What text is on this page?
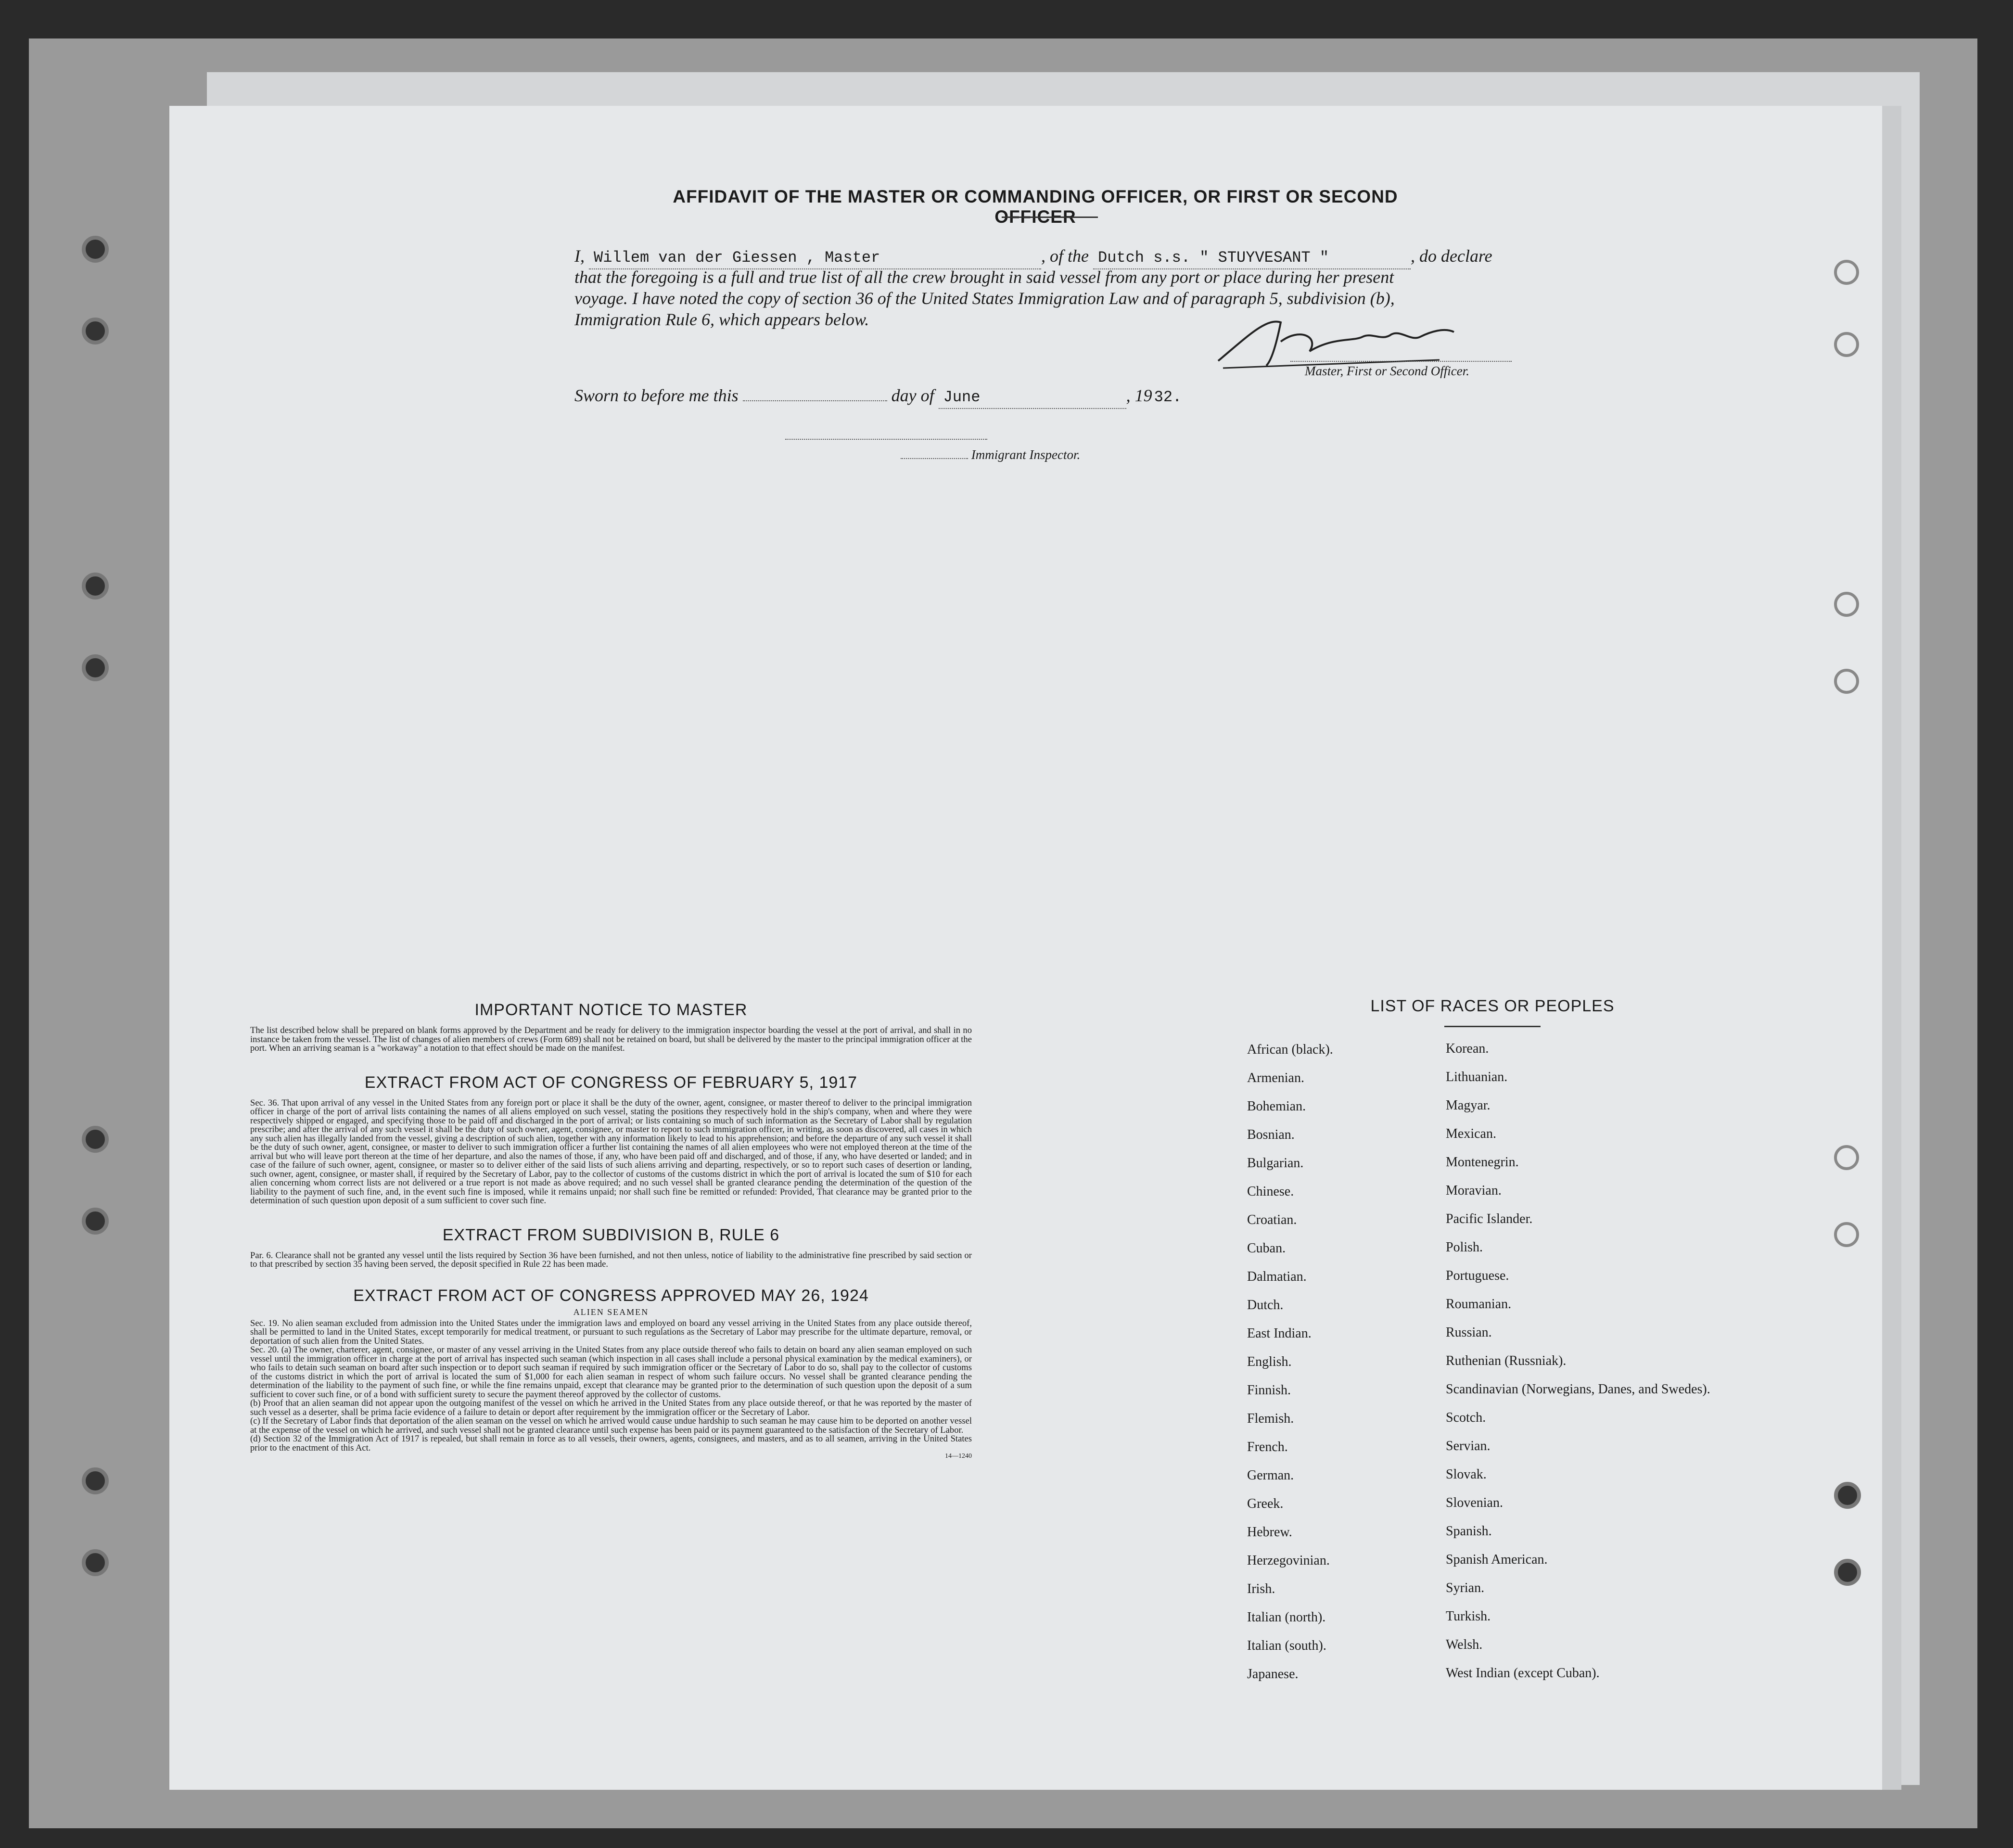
AFFIDAVIT OF THE MASTER OR COMMANDING OFFICER, OR FIRST OR SECOND OFFICER
I, Willem van der Giessen , Master	, of the Dutch s.s. " STUYVESANT "	, do declare
that the foregoing is a full and true list of all the crew brought in said vessel from any port or place during her present
voyage. I have noted the copy of section 36 of the United States Immigration Law and of paragraph 5, subdivision (b),
Immigration Rule 6, which appears below.
Master, First or Second Officer.
Sworn to before me this	day of June	, 19 32.
Immigrant Inspector.

IMPORTANT NOTICE TO MASTER

The list described below shall be prepared on blank forms approved by the Department and be ready for delivery to the immigration inspector boarding the vessel at the port of arrival, and shall in no instance be taken from the vessel. The list of changes of alien members of crews (Form 689) shall not be retained on board, but shall be delivered by the master to the principal immigration officer at the port. When an arriving seaman is a "workaway" a notation to that effect should be made on the manifest.

EXTRACT FROM ACT OF CONGRESS OF FEBRUARY 5, 1917

Sec. 36. That upon arrival of any vessel in the United States from any foreign port or place it shall be the duty of the owner, agent, consignee, or master thereof to deliver to the principal immigration officer in charge of the port of arrival lists containing the names of all aliens employed on such vessel, stating the positions they respectively hold in the ship's company, when and where they were respectively shipped or engaged, and specifying those to be paid off and discharged in the port of arrival; or lists containing so much of such information as the Secretary of Labor shall by regulation prescribe; and after the arrival of any such vessel it shall be the duty of such owner, agent, consignee, or master to report to such immigration officer, in writing, as soon as discovered, all cases in which any such alien has illegally landed from the vessel, giving a description of such alien, together with any information likely to lead to his apprehension; and before the departure of any such vessel it shall be the duty of such owner, agent, consignee, or master to deliver to such immigration officer a further list containing the names of all alien employees who were not employed thereon at the time of the arrival but who will leave port thereon at the time of her departure, and also the names of those, if any, who have been paid off and discharged, and of those, if any, who have deserted or landed; and in case of the failure of such owner, agent, consignee, or master so to deliver either of the said lists of such aliens arriving and departing, respectively, or so to report such cases of desertion or landing, such owner, agent, consignee, or master shall, if required by the Secretary of Labor, pay to the collector of customs of the customs district in which the port of arrival is located the sum of $10 for each alien concerning whom correct lists are not delivered or a true report is not made as above required; and no such vessel shall be granted clearance pending the determination of the question of the liability to the payment of such fine, and, in the event such fine is imposed, while it remains unpaid; nor shall such fine be remitted or refunded: Provided, That clearance may be granted prior to the determination of such question upon deposit of a sum sufficient to cover such fine.

EXTRACT FROM SUBDIVISION B, RULE 6

Par. 6. Clearance shall not be granted any vessel until the lists required by Section 36 have been furnished, and not then unless, notice of liability to the administrative fine prescribed by said section or to that prescribed by section 35 having been served, the deposit specified in Rule 22 has been made.

EXTRACT FROM ACT OF CONGRESS APPROVED MAY 26, 1924

ALIEN SEAMEN

Sec. 19. No alien seaman excluded from admission into the United States under the immigration laws and employed on board any vessel arriving in the United States from any place outside thereof, shall be permitted to land in the United States, except temporarily for medical treatment, or pursuant to such regulations as the Secretary of Labor may prescribe for the ultimate departure, removal, or deportation of such alien from the United States.

Sec. 20. (a) The owner, charterer, agent, consignee, or master of any vessel arriving in the United States from any place outside thereof who fails to detain on board any alien seaman employed on such vessel until the immigration officer in charge at the port of arrival has inspected such seaman (which inspection in all cases shall include a personal physical examination by the medical examiners), or who fails to detain such seaman on board after such inspection or to deport such seaman if required by such immigration officer or the Secretary of Labor to do so, shall pay to the collector of customs of the customs district in which the port of arrival is located the sum of $1,000 for each alien seaman in respect of whom such failure occurs. No vessel shall be granted clearance pending the determination of the liability to the payment of such fine, or while the fine remains unpaid, except that clearance may be granted prior to the determination of such question upon the deposit of a sum sufficient to cover such fine, or of a bond with sufficient surety to secure the payment thereof approved by the collector of customs.

(b) Proof that an alien seaman did not appear upon the outgoing manifest of the vessel on which he arrived in the United States from any place outside thereof, or that he was reported by the master of such vessel as a deserter, shall be prima facie evidence of a failure to detain or deport after requirement by the immigration officer or the Secretary of Labor.

(c) If the Secretary of Labor finds that deportation of the alien seaman on the vessel on which he arrived would cause undue hardship to such seaman he may cause him to be deported on another vessel at the expense of the vessel on which he arrived, and such vessel shall not be granted clearance until such expense has been paid or its payment guaranteed to the satisfaction of the Secretary of Labor.

(d) Section 32 of the Immigration Act of 1917 is repealed, but shall remain in force as to all vessels, their owners, agents, consignees, and masters, and as to all seamen, arriving in the United States prior to the enactment of this Act.

14—1240

LIST OF RACES OR PEOPLES
African (black).	Korean.
Armenian.	Lithuanian.
Bohemian.	Magyar.
Bosnian.	Mexican.
Bulgarian.	Montenegrin.
Chinese.	Moravian.
Croatian.	Pacific Islander.
Cuban.	Polish.
Dalmatian.	Portuguese.
Dutch.	Roumanian.
East Indian.	Russian.
English.	Ruthenian (Russniak).
Finnish.	Scandinavian (Norwegians, Danes, and Swedes).
Flemish.	Scotch.
French.	Servian.
German.	Slovak.
Greek.	Slovenian.
Hebrew.	Spanish.
Herzegovinian.	Spanish American.
Irish.	Syrian.
Italian (north).	Turkish.
Italian (south).	Welsh.
Japanese.	West Indian (except Cuban).
